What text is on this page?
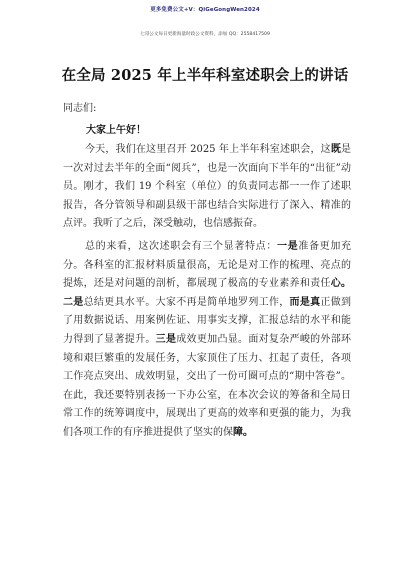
更多免费公文+V：QiGeGongWen2024
七哥公文每日更新海量时政公文资料，添加 QQ：2558417509
在全局 2025 年上半年科室述职会上的讲话
同志们:
大家上午好！

今天，我们在这里召开 2025 年上半年科室述职会，这既是一次对过去半年的全面“阅兵”，也是一次面向下半年的“出征”动员。刚才，我们 19 个科室（单位）的负责同志都一一作了述职报告，各分管领导和副县级干部也结合实际进行了深入、精准的点评。我听了之后，深受触动，也信感振奋。

总的来看，这次述职会有三个显著特点：一是准备更加充分。各科室的汇报材料质量很高，无论是对工作的梳理、亮点的提炼，还是对问题的剖析，都展现了极高的专业素养和责任心。二是总结更具水平。大家不再是简单地罗列工作，而是真正做到了用数据说话、用案例佐证、用事实支撑，汇报总结的水平和能力得到了显著提升。三是成效更加凸显。面对复杂严峻的外部环境和艰巨繁重的发展任务，大家顶住了压力、扛起了责任，各项工作亮点突出、成效明显，交出了一份可圈可点的“期中答卷”。在此，我还要特别表扬一下办公室，在本次会议的筹备和全局日常工作的统筹调度中，展现出了更高的效率和更强的能力，为我们各项工作的有序推进提供了坚实的保障。
